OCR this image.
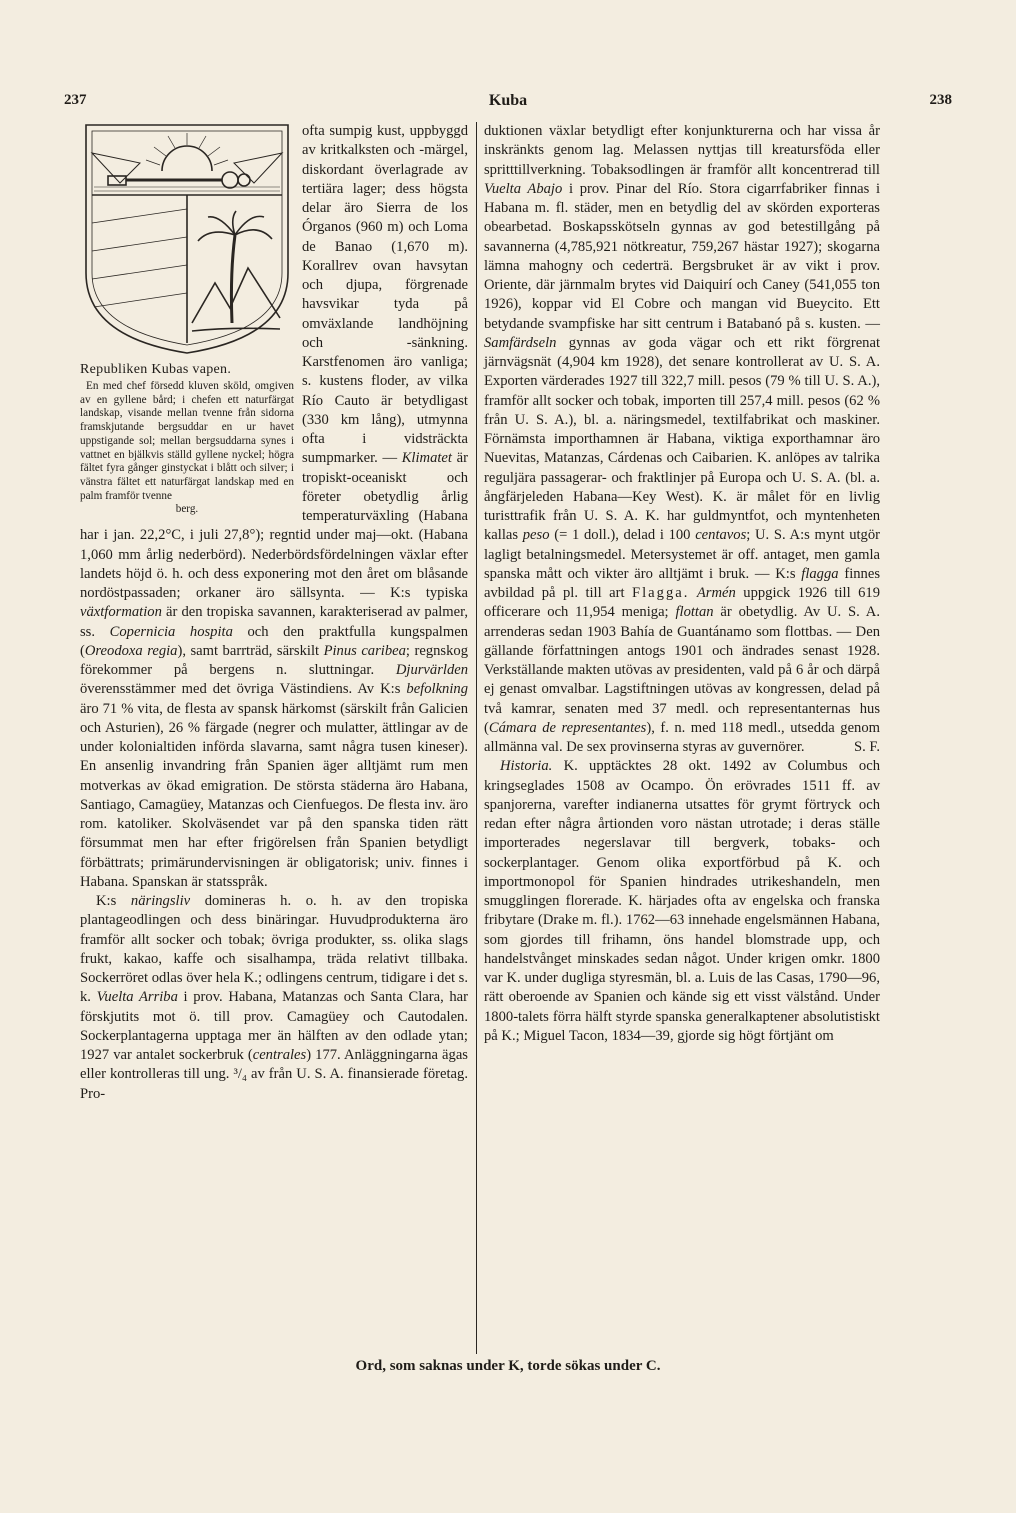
237	Kuba	238

Republiken Kubas vapen.
En med chef försedd kluven sköld, omgiven av en gyllene bård; i chefen ett naturfärgat landskap, visande mellan tvenne från sidorna framskjutande bergsuddar en ur havet uppstigande sol; mellan bergsuddarna synes i vattnet en bjälkvis ställd gyllene nyckel; högra fältet fyra gånger ginstyckat i blått och silver; i vänstra fältet ett naturfärgat landskap med en palm framför tvenne
berg.
ofta sumpig kust, uppbyggd av kritkalksten och -märgel, diskordant överlagrade av tertiära lager; dess högsta delar äro Sierra de los Órganos (960 m) och Loma de Banao (1,670 m). Korallrev ovan havsytan och djupa, förgrenade havsvikar tyda på omväxlande landhöjning och -sänkning. Karstfenomen äro vanliga; s. kustens floder, av vilka Río Cauto är betydligast (330 km lång), utmynna ofta i vidsträckta sumpmarker. — Klimatet är tropiskt-oceaniskt och företer obetydlig årlig temperaturväxling (Habana har i jan. 22,2°C, i juli 27,8°); regntid under maj—okt. (Habana 1,060 mm årlig nederbörd). Nederbördsfördelningen växlar efter landets höjd ö. h. och dess exponering mot den året om blåsande nordöstpassaden; orkaner äro sällsynta. — K:s typiska växtformation är den tropiska savannen, karakteriserad av palmer, ss. Copernicia hospita och den praktfulla kungspalmen (Oreodoxa regia), samt barrträd, särskilt Pinus caribea; regnskog förekommer på bergens n. sluttningar. Djurvärlden överensstämmer med det övriga Västindiens. Av K:s befolkning äro 71 % vita, de flesta av spansk härkomst (särskilt från Galicien och Asturien), 26 % färgade (negrer och mulatter, ättlingar av de under kolonialtiden införda slavarna, samt några tusen kineser). En ansenlig invandring från Spanien äger alltjämt rum men motverkas av ökad emigration. De största städerna äro Habana, Santiago, Camagüey, Matanzas och Cienfuegos. De flesta inv. äro rom. katoliker. Skolväsendet var på den spanska tiden rätt försummat men har efter frigörelsen från Spanien betydligt förbättrats; primärundervisningen är obligatorisk; univ. finnes i Habana. Spanskan är statsspråk.

K:s näringsliv domineras h. o. h. av den tropiska plantageodlingen och dess binäringar. Huvudprodukterna äro framför allt socker och tobak; övriga produkter, ss. olika slags frukt, kakao, kaffe och sisalhampa, träda relativt tillbaka. Sockerröret odlas över hela K.; odlingens centrum, tidigare i det s. k. Vuelta Arriba i prov. Habana, Matanzas och Santa Clara, har förskjutits mot ö. till prov. Camagüey och Cautodalen. Sockerplantagerna upptaga mer än hälften av den odlade ytan; 1927 var antalet sockerbruk (centrales) 177. Anläggningarna ägas eller kontrolleras till ung. ³/₄ av från U. S. A. finansierade företag. Pro-

duktionen växlar betydligt efter konjunkturerna och har vissa år inskränkts genom lag. Melassen nyttjas till kreatursföda eller spritttillverkning. Tobaksodlingen är framför allt koncentrerad till Vuelta Abajo i prov. Pinar del Río. Stora cigarrfabriker finnas i Habana m. fl. städer, men en betydlig del av skörden exporteras obearbetad. Boskapsskötseln gynnas av god betestillgång på savannerna (4,785,921 nötkreatur, 759,267 hästar 1927); skogarna lämna mahogny och cederträ. Bergsbruket är av vikt i prov. Oriente, där järnmalm brytes vid Daiquirí och Caney (541,055 ton 1926), koppar vid El Cobre och mangan vid Bueycito. Ett betydande svampfiske har sitt centrum i Batabanó på s. kusten. — Samfärdseln gynnas av goda vägar och ett rikt förgrenat järnvägsnät (4,904 km 1928), det senare kontrollerat av U. S. A. Exporten värderades 1927 till 322,7 mill. pesos (79 % till U. S. A.), framför allt socker och tobak, importen till 257,4 mill. pesos (62 % från U. S. A.), bl. a. näringsmedel, textilfabrikat och maskiner. Förnämsta importhamnen är Habana, viktiga exporthamnar äro Nuevitas, Matanzas, Cárdenas och Caibarien. K. anlöpes av talrika reguljära passagerar- och fraktlinjer på Europa och U. S. A. (bl. a. ångfärjeleden Habana—Key West). K. är målet för en livlig turisttrafik från U. S. A. K. har guldmyntfot, och myntenheten kallas peso (= 1 doll.), delad i 100 centavos; U. S. A:s mynt utgör lagligt betalningsmedel. Metersystemet är off. antaget, men gamla spanska mått och vikter äro alltjämt i bruk. — K:s flagga finnes avbildad på pl. till art Flagga. Armén uppgick 1926 till 619 officerare och 11,954 meniga; flottan är obetydlig. Av U. S. A. arrenderas sedan 1903 Bahía de Guantánamo som flottbas. — Den gällande författningen antogs 1901 och ändrades senast 1928. Verkställande makten utövas av presidenten, vald på 6 år och därpå ej genast omvalbar. Lagstiftningen utövas av kongressen, delad på två kamrar, senaten med 37 medl. och representanternas hus (Cámara de representantes), f. n. med 118 medl., utsedda genom allmänna val. De sex provinserna styras av guvernörer.	S. F.

Historia. K. upptäcktes 28 okt. 1492 av Columbus och kringseglades 1508 av Ocampo. Ön erövrades 1511 ff. av spanjorerna, varefter indianerna utsattes för grymt förtryck och redan efter några årtionden voro nästan utrotade; i deras ställe importerades negerslavar till bergverk, tobaks- och sockerplantager. Genom olika exportförbud på K. och importmonopol för Spanien hindrades utrikeshandeln, men smugglingen florerade. K. härjades ofta av engelska och franska fribytare (Drake m. fl.). 1762—63 innehade engelsmännen Habana, som gjordes till frihamn, öns handel blomstrade upp, och handelstvånget minskades sedan något. Under krigen omkr. 1800 var K. under dugliga styresmän, bl. a. Luis de las Casas, 1790—96, rätt oberoende av Spanien och kände sig ett visst välstånd. Under 1800-talets förra hälft styrde spanska generalkaptener absolutistiskt på K.; Miguel Tacon, 1834—39, gjorde sig högt förtjänt om

Ord, som saknas under K, torde sökas under C.
